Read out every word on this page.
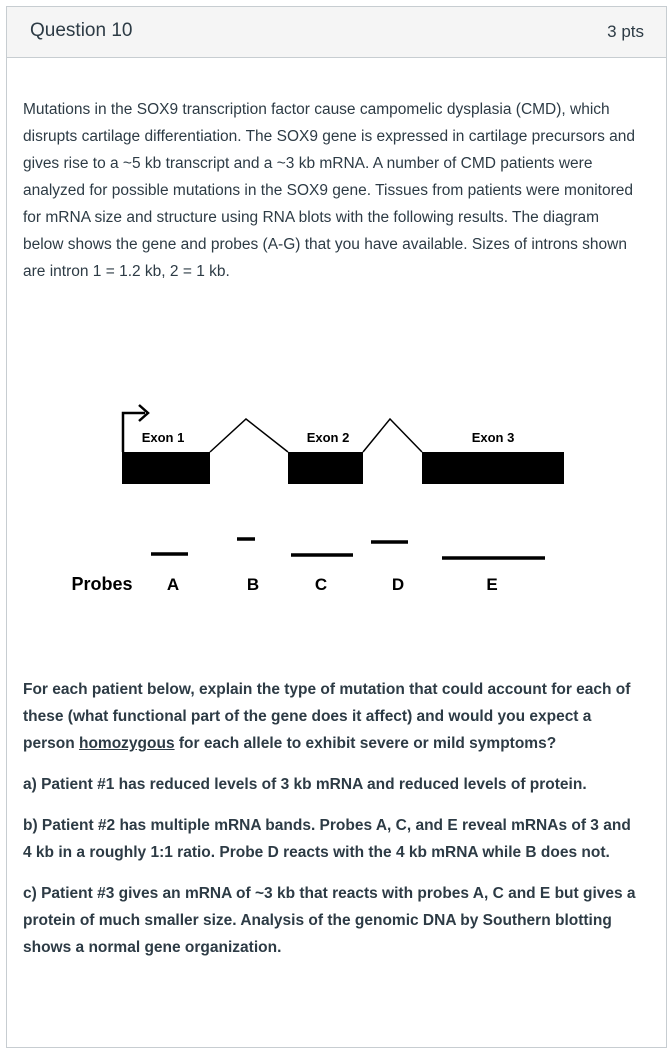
Question 10	3 pts

Mutations in the SOX9 transcription factor cause campomelic dysplasia (CMD), which disrupts cartilage differentiation. The SOX9 gene is expressed in cartilage precursors and gives rise to a ~5 kb transcript and a ~3 kb mRNA. A number of CMD patients were analyzed for possible mutations in the SOX9 gene. Tissues from patients were monitored for mRNA size and structure using RNA blots with the following results. The diagram below shows the gene and probes (A-G) that you have available. Sizes of introns shown are intron 1 = 1.2 kb, 2 = 1 kb.

Exon 1	Exon 2	Exon 3
Probes A	B	C	D	E

For each patient below, explain the type of mutation that could account for each of these (what functional part of the gene does it affect) and would you expect a person homozygous for each allele to exhibit severe or mild symptoms?

a) Patient #1 has reduced levels of 3 kb mRNA and reduced levels of protein.

b) Patient #2 has multiple mRNA bands. Probes A, C, and E reveal mRNAs of 3 and 4 kb in a roughly 1:1 ratio. Probe D reacts with the 4 kb mRNA while B does not.

c) Patient #3 gives an mRNA of ~3 kb that reacts with probes A, C and E but gives a protein of much smaller size. Analysis of the genomic DNA by Southern blotting shows a normal gene organization.
